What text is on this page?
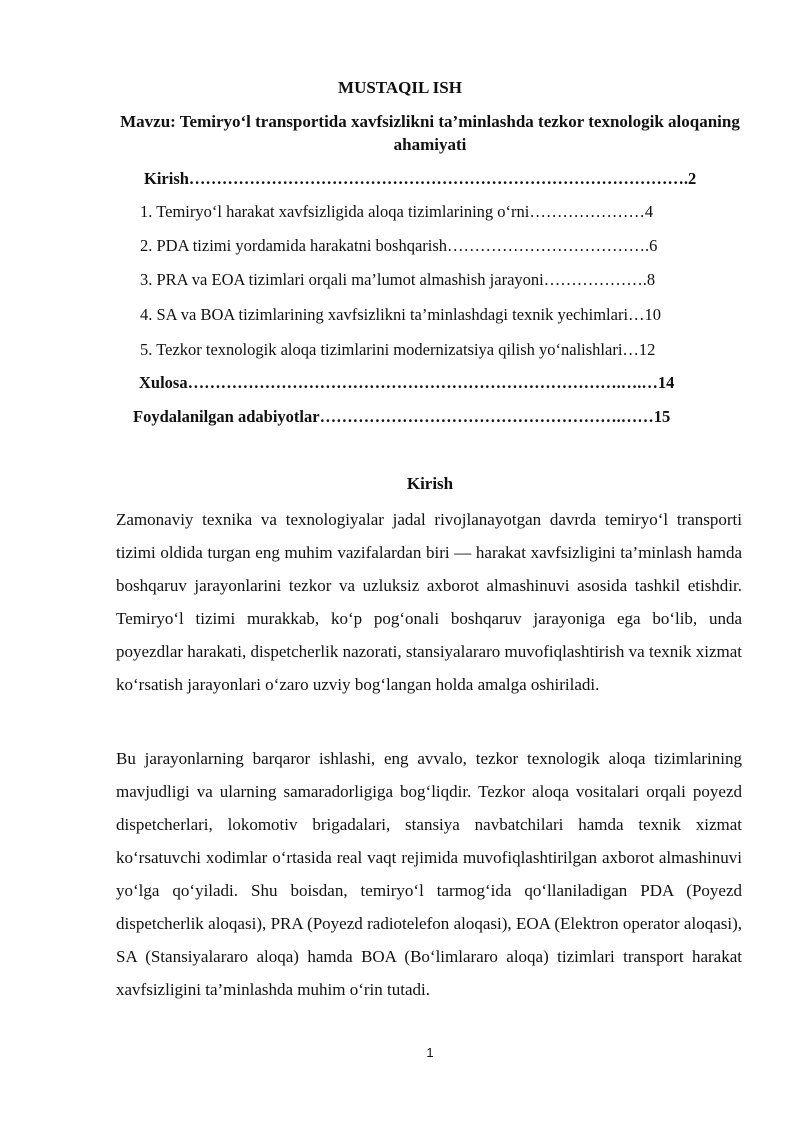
MUSTAQIL ISH
Mavzu: Temiryo‘l transportida xavfsizlikni ta’minlashda tezkor texnologik aloqaning ahamiyati
Kirish……………………………………………………………………………….2
1. Temiryo‘l harakat xavfsizligida aloqa tizimlarining o‘rni…………………4
2. PDA tizimi yordamida harakatni boshqarish……………………………….6
3. PRA va EOA tizimlari orqali ma’lumot almashish jarayoni……………….8
4. SA va BOA tizimlarining xavfsizlikni ta’minlashdagi texnik yechimlari…10
5. Tezkor texnologik aloqa tizimlarini modernizatsiya qilish yo‘nalishlari…12
Xulosa…………………………………………………………………….….…14
Foydalanilgan adabiyotlar……………………………………………….……15
Kirish

Zamonaviy texnika va texnologiyalar jadal rivojlanayotgan davrda temiryo‘l transporti tizimi oldida turgan eng muhim vazifalardan biri — harakat xavfsizligini ta’minlash hamda boshqaruv jarayonlarini tezkor va uzluksiz axborot almashinuvi asosida tashkil etishdir. Temiryo‘l tizimi murakkab, ko‘p pog‘onali boshqaruv jarayoniga ega bo‘lib, unda poyezdlar harakati, dispetcherlik nazorati, stansiyalararo muvofiqlashtirish va texnik xizmat ko‘rsatish jarayonlari o‘zaro uzviy bog‘langan holda amalga oshiriladi.

Bu jarayonlarning barqaror ishlashi, eng avvalo, tezkor texnologik aloqa tizimlarining mavjudligi va ularning samaradorligiga bog‘liqdir. Tezkor aloqa vositalari orqali poyezd dispetcherlari, lokomotiv brigadalari, stansiya navbatchilari hamda texnik xizmat ko‘rsatuvchi xodimlar o‘rtasida real vaqt rejimida muvofiqlashtirilgan axborot almashinuvi yo‘lga qo‘yiladi. Shu boisdan, temiryo‘l tarmog‘ida qo‘llaniladigan PDA (Poyezd dispetcherlik aloqasi), PRA (Poyezd radiotelefon aloqasi), EOA (Elektron operator aloqasi), SA (Stansiyalararo aloqa) hamda BOA (Bo‘limlararo aloqa) tizimlari transport harakat xavfsizligini ta’minlashda muhim o‘rin tutadi.

1
